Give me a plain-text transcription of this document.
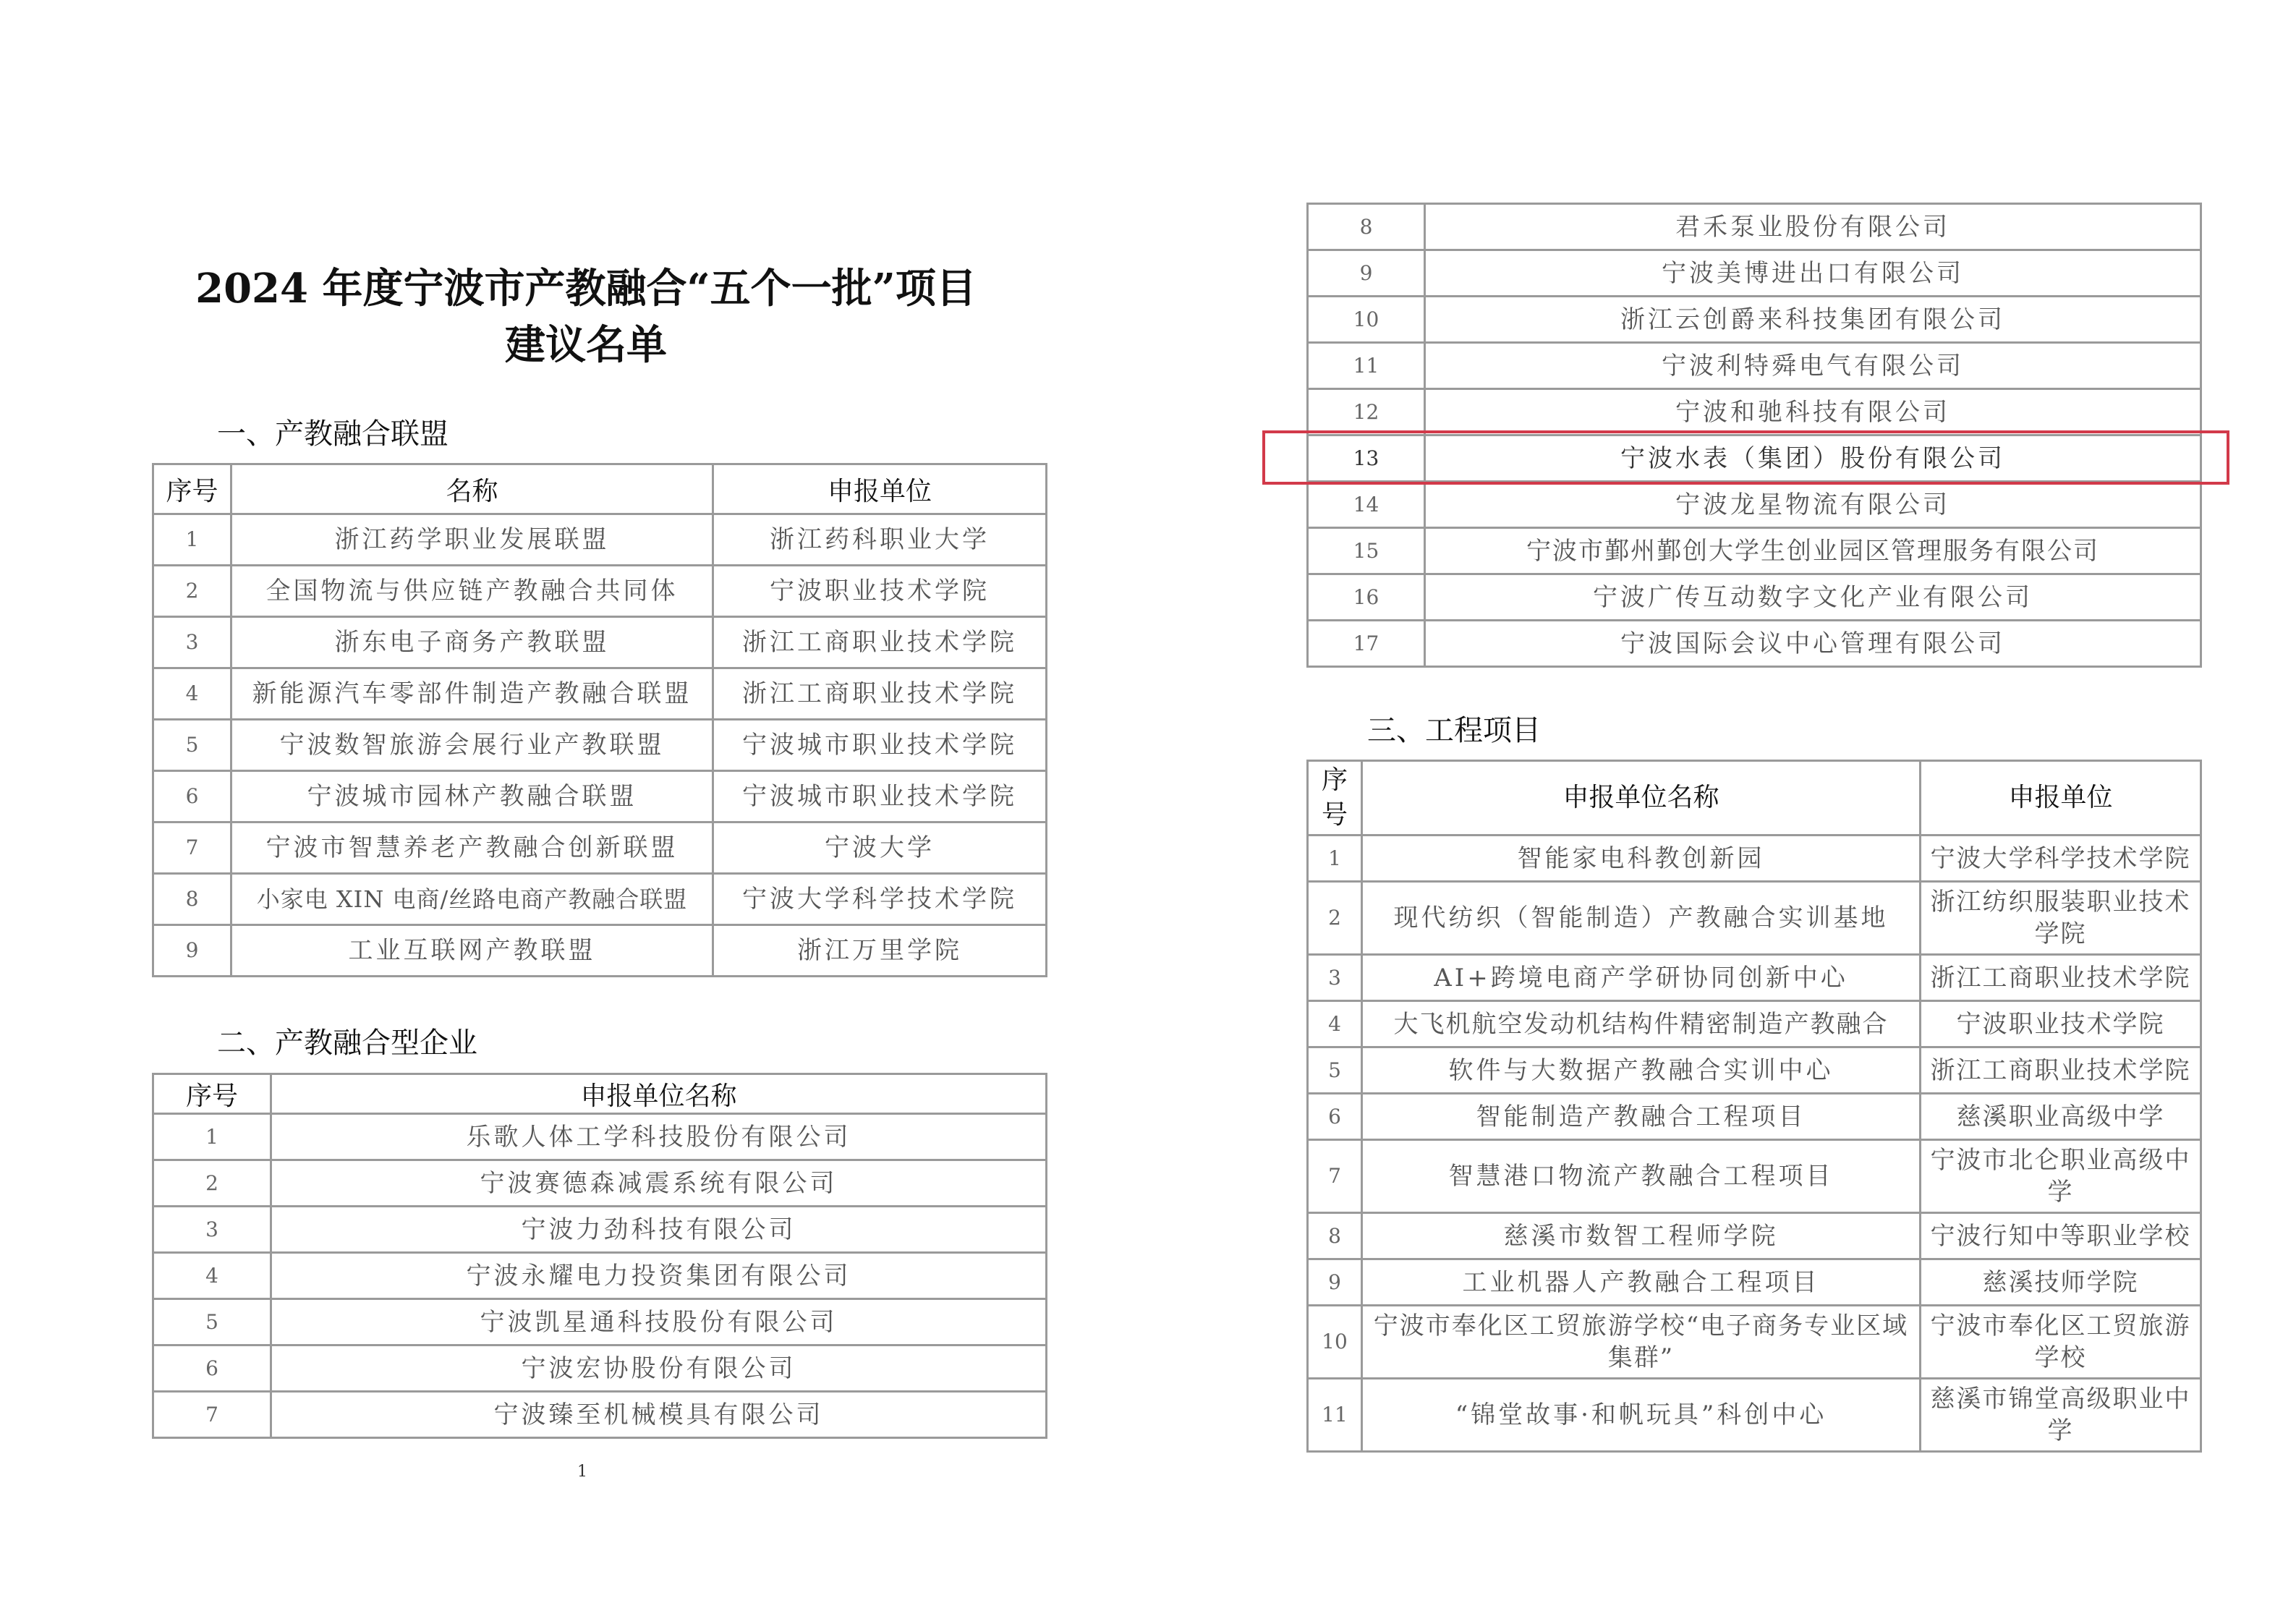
2024 年度宁波市产教融合“五个一批”项目
建议名单
一、产教融合联盟
序号	名称	申报单位
1	浙江药学职业发展联盟	浙江药科职业大学
2	全国物流与供应链产教融合共同体	宁波职业技术学院
3	浙东电子商务产教联盟	浙江工商职业技术学院
4	新能源汽车零部件制造产教融合联盟	浙江工商职业技术学院
5	宁波数智旅游会展行业产教联盟	宁波城市职业技术学院
6	宁波城市园林产教融合联盟	宁波城市职业技术学院
7	宁波市智慧养老产教融合创新联盟	宁波大学
8	小家电 XIN 电商/丝路电商产教融合联盟	宁波大学科学技术学院
9	工业互联网产教联盟	浙江万里学院
二、产教融合型企业
序号	申报单位名称
1	乐歌人体工学科技股份有限公司
2	宁波赛德森减震系统有限公司
3	宁波力劲科技有限公司
4	宁波永耀电力投资集团有限公司
5	宁波凯星通科技股份有限公司
6	宁波宏协股份有限公司
7	宁波臻至机械模具有限公司
1
8	君禾泵业股份有限公司
9	宁波美博进出口有限公司
10	浙江云创爵来科技集团有限公司
11	宁波利特舜电气有限公司
12	宁波和驰科技有限公司
13	宁波水表（集团）股份有限公司
14	宁波龙星物流有限公司
15	宁波市鄞州鄞创大学生创业园区管理服务有限公司
16	宁波广传互动数字文化产业有限公司
17	宁波国际会议中心管理有限公司
三、工程项目
序号	申报单位名称	申报单位
1	智能家电科教创新园	宁波大学科学技术学院
2	现代纺织（智能制造）产教融合实训基地	浙江纺织服装职业技术学院
3	AI+跨境电商产学研协同创新中心	浙江工商职业技术学院
4	大飞机航空发动机结构件精密制造产教融合	宁波职业技术学院
5	软件与大数据产教融合实训中心	浙江工商职业技术学院
6	智能制造产教融合工程项目	慈溪职业高级中学
7	智慧港口物流产教融合工程项目	宁波市北仑职业高级中学
8	慈溪市数智工程师学院	宁波行知中等职业学校
9	工业机器人产教融合工程项目	慈溪技师学院
10	宁波市奉化区工贸旅游学校“电子商务专业区域集群”	宁波市奉化区工贸旅游学校
11	“锦堂故事·和帆玩具”科创中心	慈溪市锦堂高级职业中学
